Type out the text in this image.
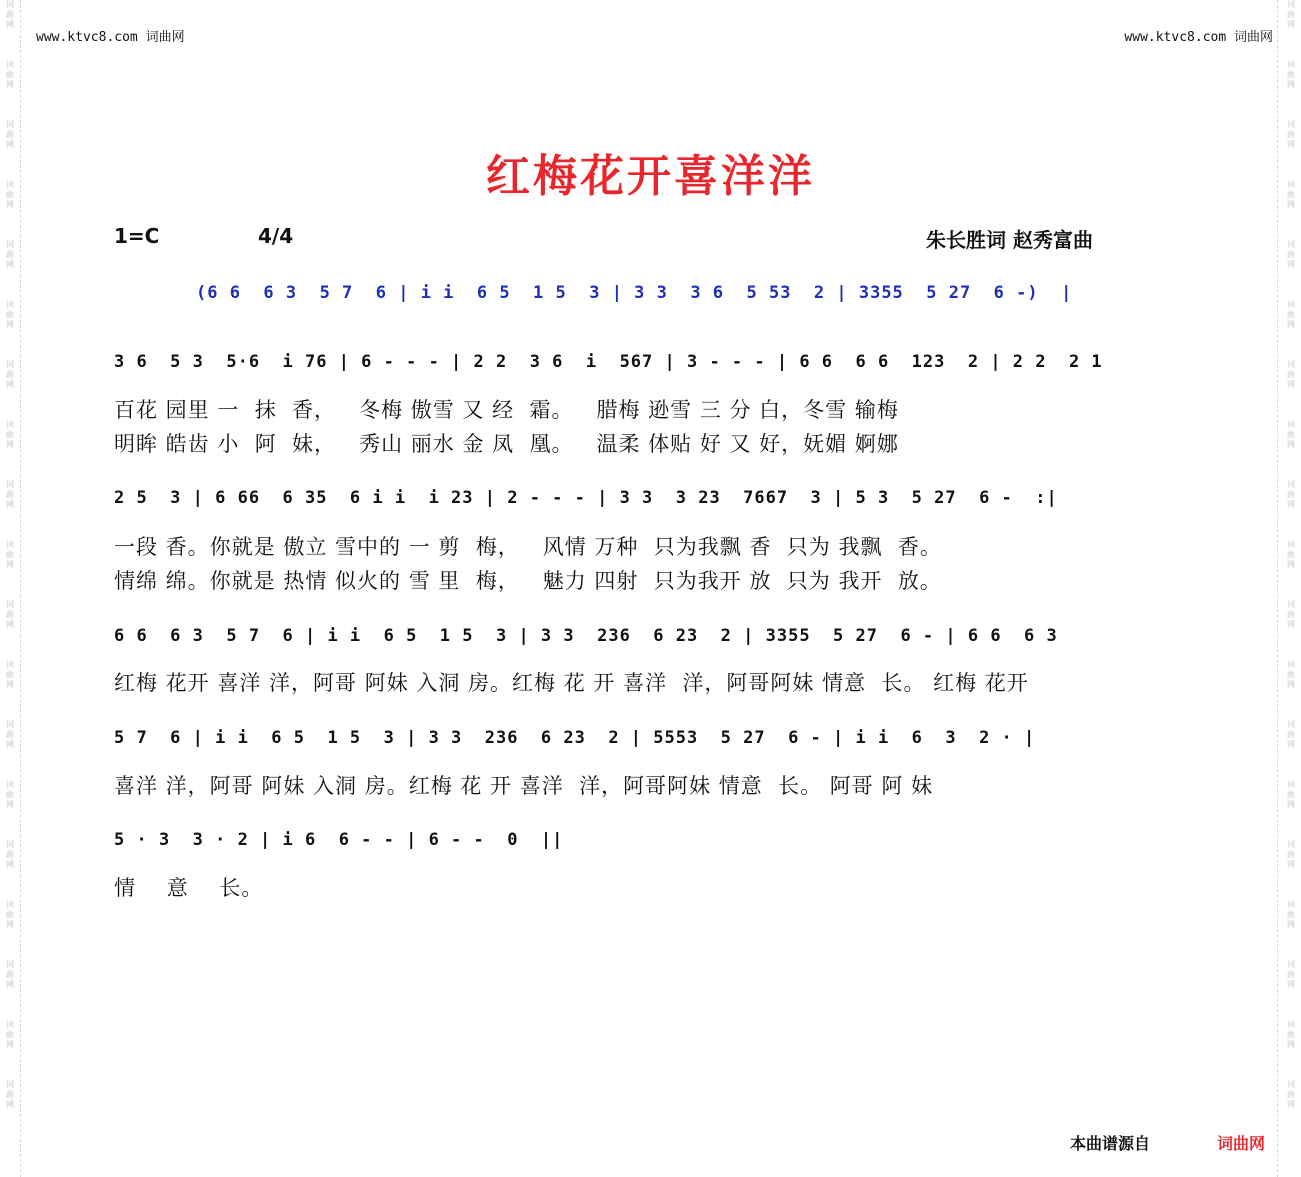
词
曲
网
词
曲
网
词
曲
网
词
曲
网
词
曲
网
词
曲
网
词
曲
网
词
曲
网
词
曲
网
词
曲
网
词
曲
网
词
曲
网
词
曲
网
词
曲
网
词
曲
网
词
曲
网
词
曲
网
词
曲
网
词
曲
网
词
曲
网
词
曲
网
词
曲
网
词
曲
网
词
曲
网
词
曲
网
词
曲
网
词
曲
网
词
曲
网
词
曲
网
词
曲
网
词
曲
网
词
曲
网
词
曲
网
词
曲
网
词
曲
网
词
曲
网
词
曲
网
词
曲
网
www.ktvc8.com 词曲网	www.ktvc8.com 词曲网
红梅花开喜洋洋
1=C	4/4	朱长胜词 赵秀富曲
(6 6  6 3  5 7  6 | i i  6 5  1 5  3 | 3 3  3 6  5 53  2 | 3355  5 27  6 -)  |
3 6  5 3  5·6  i 76 | 6 - - - | 2 2  3 6  i  567 | 3 - - - | 6 6  6 6  123  2 | 2 2  2 1
百花 园里 一  抹  香，   冬梅 傲雪 又 经  霜。   腊梅 逊雪 三 分 白，冬雪 输梅
明眸 皓齿 小  阿  妹，   秀山 丽水 金 凤  凰。   温柔 体贴 好 又 好，妩媚 婀娜
2 5  3 | 6 66  6 35  6 i i  i 23 | 2 - - - | 3 3  3 23  7667  3 | 5 3  5 27  6 -  :|
一段 香。你就是 傲立 雪中的 一 剪  梅，   风情 万种  只为我飘 香  只为 我飘  香。
情绵 绵。你就是 热情 似火的 雪 里  梅，   魅力 四射  只为我开 放  只为 我开  放。
6 6  6 3  5 7  6 | i i  6 5  1 5  3 | 3 3  236  6 23  2 | 3355  5 27  6 - | 6 6  6 3
红梅 花开 喜洋 洋，阿哥 阿妹 入洞 房。红梅 花 开 喜洋  洋，阿哥阿妹 情意  长。 红梅 花开
5 7  6 | i i  6 5  1 5  3 | 3 3  236  6 23  2 | 5553  5 27  6 - | i i  6  3  2 · |
喜洋 洋，阿哥 阿妹 入洞 房。红梅 花 开 喜洋  洋，阿哥阿妹 情意  长。 阿哥 阿 妹
5 · 3  3 · 2 | i 6  6 - - | 6 - -  0  ||
情    意    长。
本曲谱源自	词曲网
